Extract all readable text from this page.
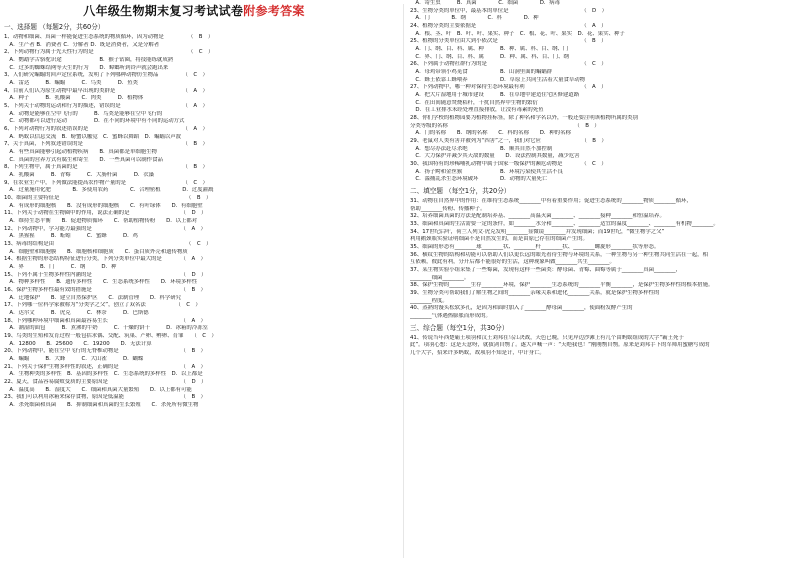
八年级生物期末复习考试试卷附参考答案
一、选择题 （每题2分，共60分）
1、动物和细菌、真菌一样能促进生态系统的物质循环，因为动物是　　　　　（　B　）
　A．生产者 B．消费者 C．分解者 D．既是消费者，又是分解者
2、下列动物行为属于先天性行为的是　　　　　　　　　　　　　　　　　　（　C　）
　A．鹦鹉学舌骆驼识途　　　　　　　B．猴子钻圈，将技能练就成熟
　C．过多的蜘蛛结网等天生的行为　　D．蟑螂听到铃声就会跑出来
3、人们研究蝙蝠的回声定位系统，发明了下列哪种动物仿生物品　　　　　（　C　）
　A．雷达　　　B．蝙蝠　　　C．鸟类　　　D．鱼类
4、目前人们认为原生动物中最早出现的类群是　　　　　　　　　　　　　（　A　）
　A．种子　　　B．乳酸菌　　C．肉类　　　D．植物体
5、下列关于动物的运动和行为的描述，错误的是　　　　　　　　　　　　（　A　）
　A．动物是能够在空中飞行的　　　B．鸟类是能够在空中飞行的
　C．动物都可以进行运动　　　　　D．在不同的环境中有不同的运动方式
6、下列对动物行为的叙述错误的是　　　　　　　　　　　　　　　　　　（　A　）
　A．蚂蚁以信息交流　B．螃蟹以触觉　C．蜜蜂以舞蹈　D．蝙蝠以声波
7、关于真菌，下列叙述错误的是　　　　　　　　　　　　　　　　　　　（　B　）
　A．有些真菌能够引起动植物疾病　　B．真菌都是单细胞生物
　C．真菌的营养方式有腐生和寄生　　D．一些真菌可以制作食品
8、下列生物中，属于真菌的是　　　　　　　　　　　　　　　　　　　　（　B　）
　A．乳酸菌　　　B．青霉　　　C．大肠杆菌　　　D．衣藻
9、在农业生产中，下列做法能提高农作物产量的是　　　　　　　　　　　（　C　）
　A．过量施用化肥　　　　B．多使用农药　　　　C．合理密植　　　　D．过度灌溉
10、细菌的主要特征是　　　　　　　　　　　　　　　　　　　　　　　　（　B　）
　A．有成形的细胞核　　B．没有成形的细胞核　　C．有叶绿体　　D．有细胞壁
11、下列关于动物在生物圈中的作用，说法正确的是　　　　　　　　　　（　D　）
　A．维持生态平衡　　B．促进物质循环　　C．帮助植物传粉　　D．以上都对
12、下列动物中，学习能力最强的是　　　　　　　　　　　　　　　　　（　A　）
　A．黑猩猩　　　B．蚯蚓　　　C．蜜蜂　　　D．鸡
13、病毒的结构是由　　　　　　　　　　　　　　　　　　　　　　　　　（　C　）
　A．细胞壁和细胞膜　　B．细胞核和细胞质　　C．蛋白质外壳和遗传物质
14、根据生物的形态结构特征进行分类，下列分类单位中最大的是　　　　（　A　）
　A．界　　　B．门　　　C．纲　　　D．种
15、下列不属于生物多样性内涵的是　　　　　　　　　　　　　　　　　（　D　）
　A．物种多样性　　B．遗传多样性　　C．生态系统多样性　　D．环境多样性
16、保护生物多样性最有效的措施是　　　　　　　　　　　　　　　　　（　B　）
　A．迁地保护　　B．建立自然保护区　　C．法制管理　　D．科学研究
17、下列哪一位科学家被称为“分类学之父”，创立了双名法　　　　　　（　C　）
　A．达尔文　　　B．虎克　　　C．林奈　　　D．巴斯德
18、下列哪种环境中细菌和真菌最容易生长　　　　　　　　　　　　　　（　A　）
　A．潮湿的面包　　　B．煮沸的牛奶　　　C．干燥的饼干　　　D．冰箱的冷冻室
19、鸟类的生殖和发育过程一般包括求偶、交配、筑巢、产卵、孵卵、育雏　　（　C　）
　A．12800　　B．25600　　C．19200　　D．无法计算
20、下列动物中，能在空中飞行的无脊椎动物是　　　　　　　　　　　　（　B　）
　A．蝙蝠　　　B．大蜂　　　C．大山雀　　　D．蝴蝶
21、下列关于保护生物多样性的叙述，正确的是　　　　　　　　　　　　（　A　）
　A．生物种类的多样性　B．基因的多样性　C．生态系统的多样性　D．以上都是
22、夏天，食品容易腐败变质的主要原因是　　　　　　　　　　　　　　（　D　）
　A．温度高　　B．湿度大　　C．细菌和真菌大量繁殖　　D．以上都有可能
23、我们可以利用冰箱来保存食物，原因是低温能　　　　　　　　　　　（　B　）
　A．杀死细菌和真菌　　B．抑制细菌和真菌的生长繁殖　　C．杀死所有微生物
　A．寄生虫　　　B．真菌　　　　C．细菌　　　　D．病毒
23、生物分类的单位中，最基本的单位是　　　　　　　　　　　　　　（　D　）
　A．门　　　　B．纲　　　　C．科　　　　D．种
24、植物分类的主要依据是　　　　　　　　　　　　　　　　　　　　（　A　）
　A．根、茎、叶　B．叶、叶、果实、种子　C．根、花、叶、果实　D．花、果实、种子
25、植物的分类单位由大到小依次是　　　　　　　　　　　　　　　　（　B　）
　A．门、纲、目、科、属、种　　　B．种、属、科、目、纲、门
　C．界、门、纲、目、科、属　　　D．种、属、科、目、门、纲
26、下列属于动物社群行为的是　　　　　　　　　　　　　　　　　　（　C　）
　A．母鸡带领小鸡觅食　　　　　　B．山洞里面的蝙蝠群
　C．蜂王依靠工蜂喂养　　　　　　D．草原上共同生活着大量食草动物
27、下列动物中，哪一种对保持生态环境最有利　　　　　　　　　　　（　A　）
　A．把大片湿地用于城市建设　　　B．在草地中建造住宅区修建道路
　C．在田间随意焚烧秸秆，干扰自然界中生物的繁衍
　D．在工业排水未经处理直接排放，让没有毒素的死鱼
28、你们学校的植物园要为植物挂标签，除了种名和学名以外，一般还要注明该植物所属的类别
分类等级的名称　　　　　　　　　　　　　　　　　　　　　　　　（　B　）
　A．门的名称　　B．纲的名称　　C．科的名称　　D．种的名称
29、老鼠对人类有害并被列为“四害”之一，我们对它应　　　　　　　　（　B　）
　A．想尽办法赶尽杀绝　　　　　　B．顺其自然不加控制
　C．大力保护并减少其天敌的数量　　D．设法控制其数量，减少危害
30、我国特有的珍稀哺乳动物中属于国家一级保护的濒危动物是　　　　（　C　）
　A．扬子鳄和金丝猴　　　　　　　B．环境污染使其生活不良
　C．滥捕乱杀生态环境破坏　　　　D．动物的大量死亡
二、填空题 （每空1分，共20分）
31、动物在自然界中的作用：在维持生态系统________中有着重要作用；促进生态系统的________物质________循环，
帮助________传粉、传播种子。
32、培养细菌真菌的方法是配制培养基、________高温灭菌________、________接种________和恒温培养。
33、细菌和真菌的生活需要一定的条件，如________水分和________、________适宜的温度________、________有机物________。
34、17世纪后叶，荷兰人列文·虎克发明________显微镜________并发现细菌；而19世纪，“微生物学之父”
利用鹅颈瓶实验证明细菌不是自然发生的，而是由原已存在的细菌产生的。
35、细菌的形态有________球________状、________杆________状、________螺旋形________状等形态。
36、横纹生物的结构和功能可以帮助人们以更长远的眼光看待生物与环境的关系，一种生物与另一种生物共同生活在一起，相
互依赖，彼此有利，分开后都不能很好的生活，这种现象叫做________共生________。
37、某生物实验小组采集了一些霉菌，发现有这样一些菌类：酵母菌、青霉、曲霉等属于________真菌________，
________细菌________。
38、保护生物的________生存________环境，保护________生态系统的________平衡________，是保护生物多样性的根本措施。
39、生物分类可帮助我们了解生物之间的________亲缘关系和进化________关系，就是保护生物多样性的
________程度。
40、蒸熟的馒头松软多孔，是因为和面时加入了________酵母菌________，使面粉发酵产生的
________气体遇热膨胀而形成的。
三、综合题（每空1分，共30分）
41、传说当年西楚霸王项羽和汉王刘邦在乌江决战，天色已晚，只见岸边沙滩上有几个由蚂蚁组成的大字“霸王死于
此”。项羽心想：这是天意呀，就拔剑自刎了。遂大声喊一声：“天绝我也！”刚刚刎自刎。原来是刘邦手下的军师用蜜糖写成的
几个大字，招来许多蚂蚁，故项羽不知是计，中计身亡。
